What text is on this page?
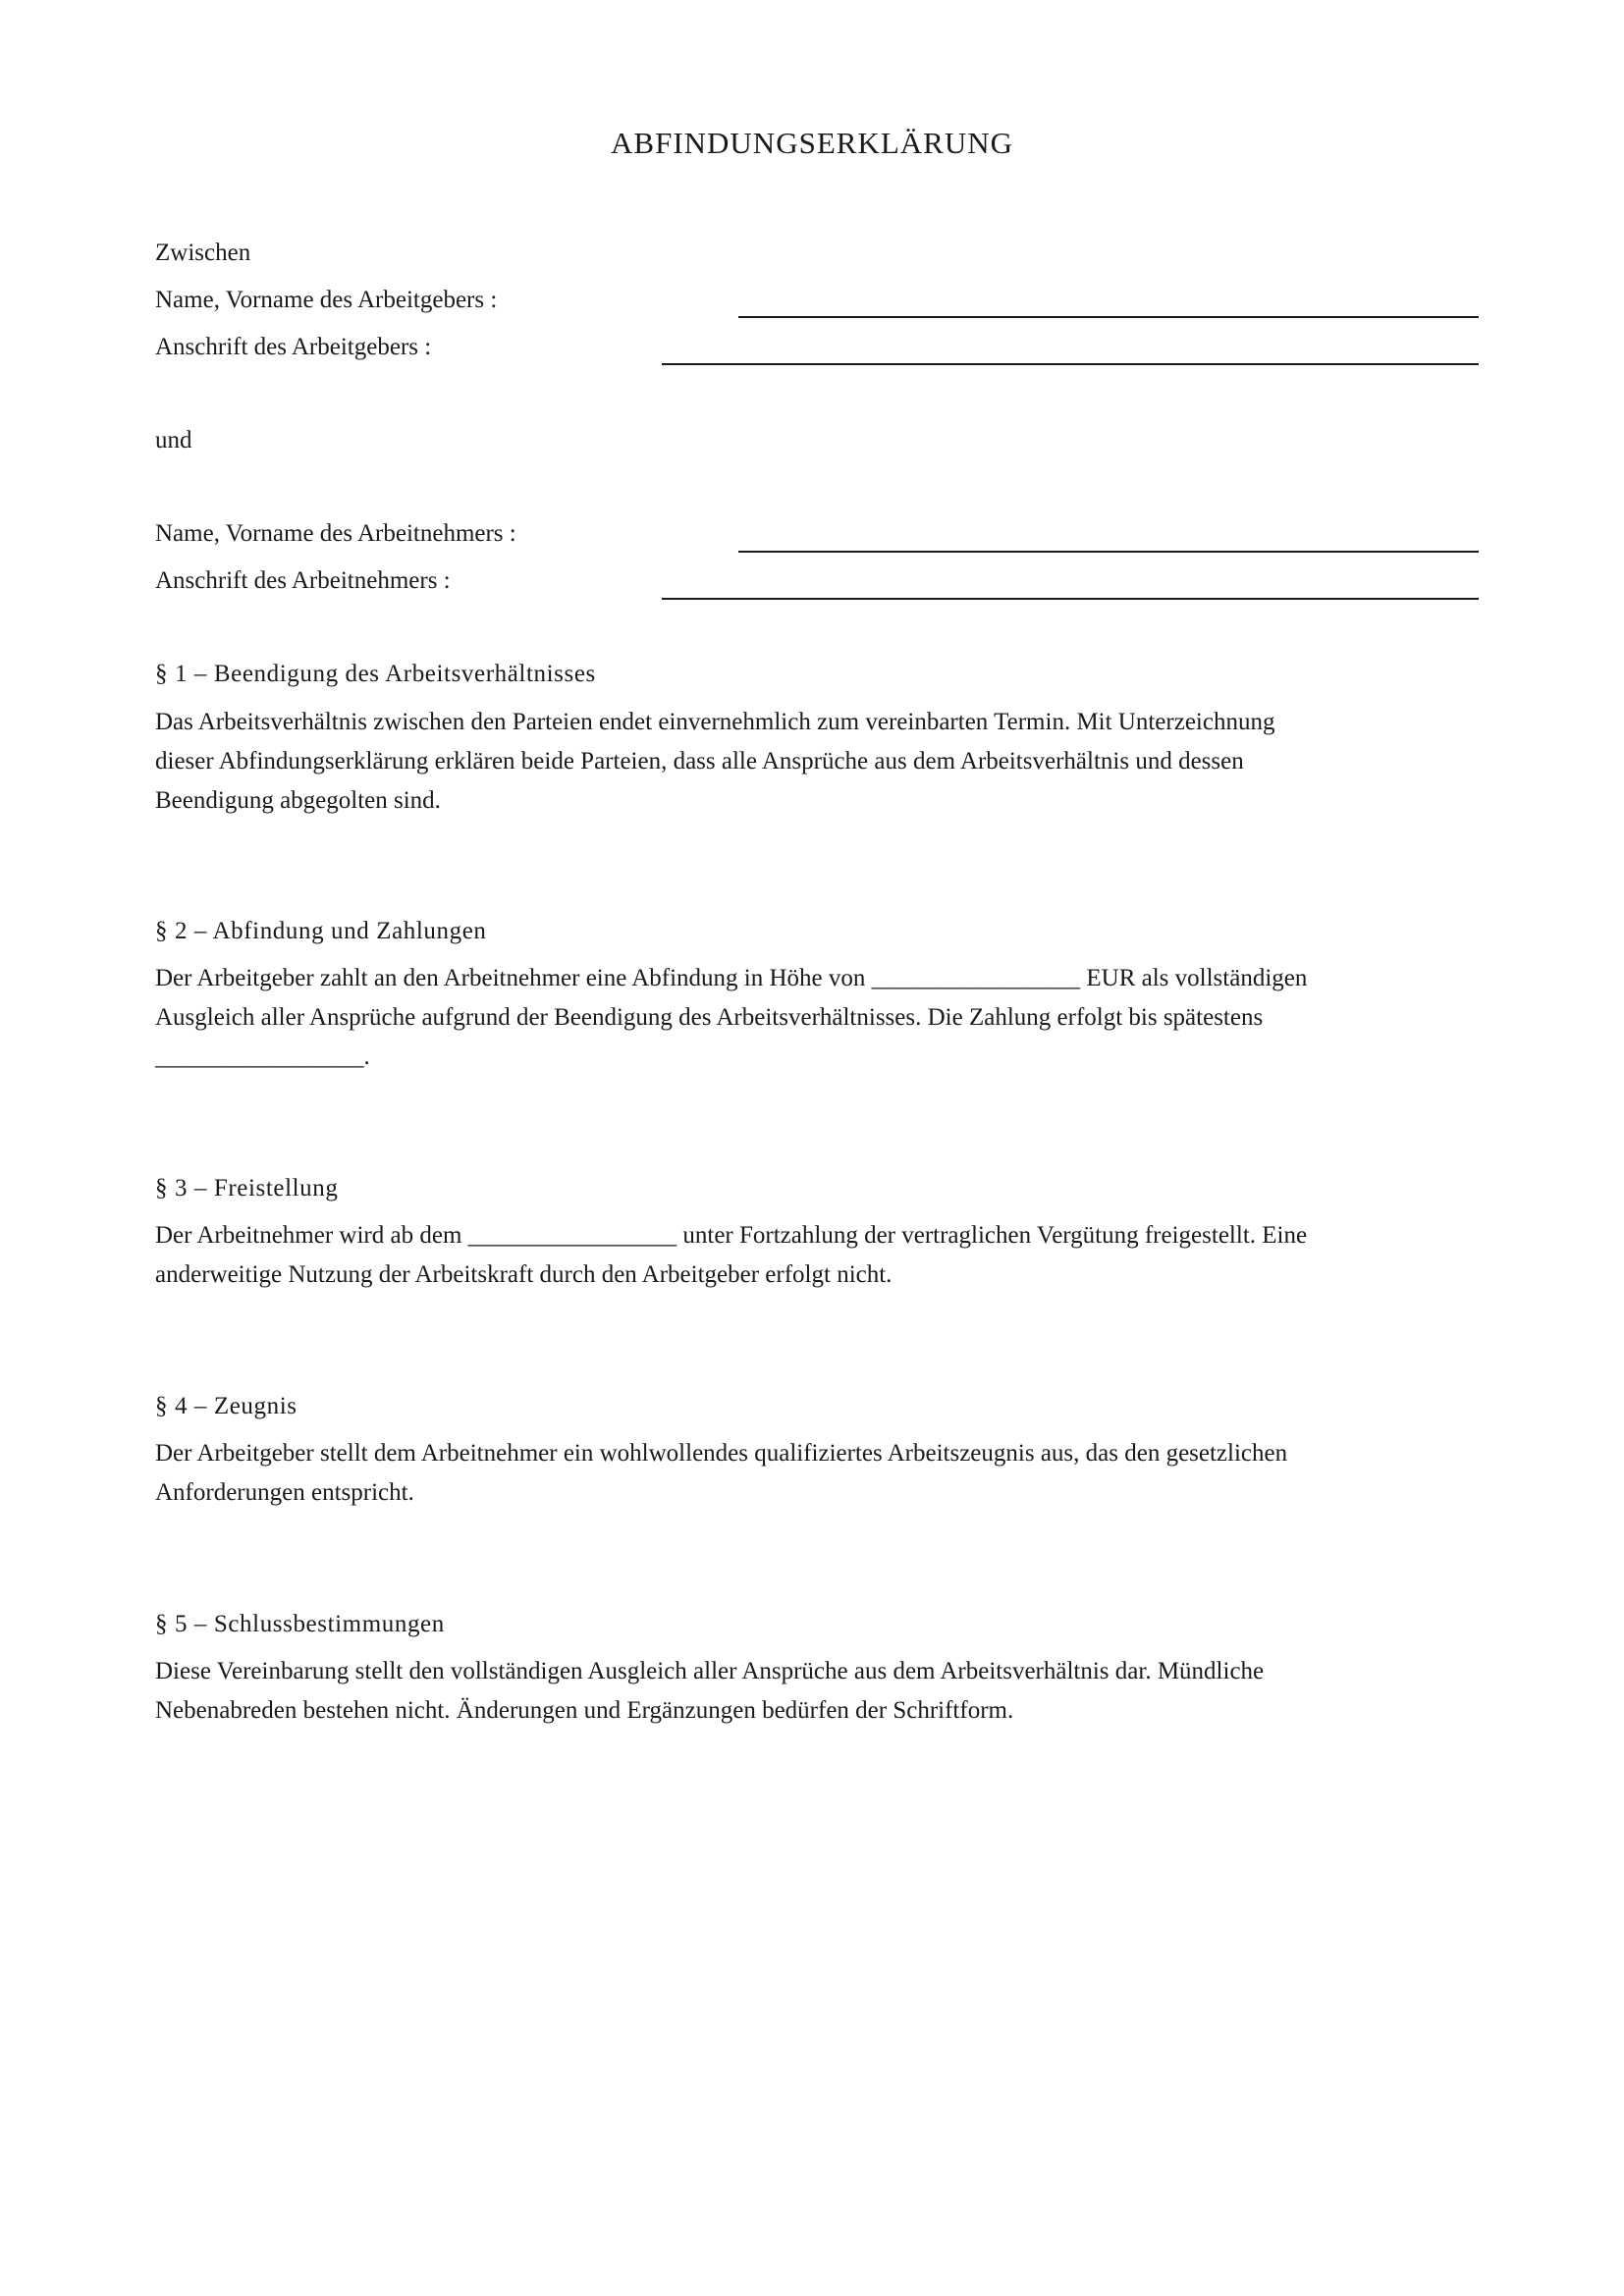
ABFINDUNGSERKLÄRUNG
Zwischen
Name, Vorname des Arbeitgebers :
Anschrift des Arbeitgebers :
und
Name, Vorname des Arbeitnehmers :
Anschrift des Arbeitnehmers :
§ 1 – Beendigung des Arbeitsverhältnisses
Das Arbeitsverhältnis zwischen den Parteien endet einvernehmlich zum vereinbarten Termin. Mit Unterzeichnung
dieser Abfindungserklärung erklären beide Parteien, dass alle Ansprüche aus dem Arbeitsverhältnis und dessen
Beendigung abgegolten sind.
§ 2 – Abfindung und Zahlungen
Der Arbeitgeber zahlt an den Arbeitnehmer eine Abfindung in Höhe von _________________ EUR als vollständigen
Ausgleich aller Ansprüche aufgrund der Beendigung des Arbeitsverhältnisses. Die Zahlung erfolgt bis spätestens
_________________.
§ 3 – Freistellung
Der Arbeitnehmer wird ab dem _________________ unter Fortzahlung der vertraglichen Vergütung freigestellt. Eine
anderweitige Nutzung der Arbeitskraft durch den Arbeitgeber erfolgt nicht.
§ 4 – Zeugnis
Der Arbeitgeber stellt dem Arbeitnehmer ein wohlwollendes qualifiziertes Arbeitszeugnis aus, das den gesetzlichen
Anforderungen entspricht.
§ 5 – Schlussbestimmungen
Diese Vereinbarung stellt den vollständigen Ausgleich aller Ansprüche aus dem Arbeitsverhältnis dar. Mündliche
Nebenabreden bestehen nicht. Änderungen und Ergänzungen bedürfen der Schriftform.
